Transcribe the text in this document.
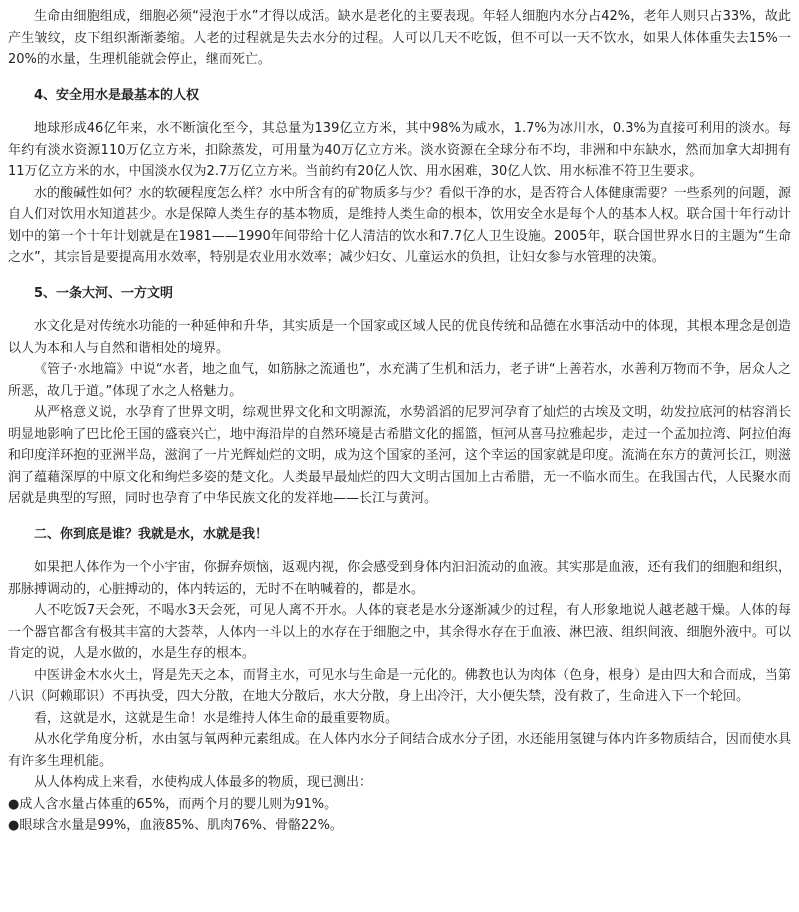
生命由细胞组成，细胞必须“浸泡于水”才得以成活。缺水是老化的主要表现。年轻人细胞内水分占42%，老年人则只占33%，故此产生皱纹，皮下组织渐渐萎缩。人老的过程就是失去水分的过程。人可以几天不吃饭，但不可以一天不饮水，如果人体体重失去15%一20%的水量，生理机能就会停止，继而死亡。

4、安全用水是最基本的人权

地球形成46亿年来，水不断演化至今，其总量为139亿立方米，其中98%为咸水，1.7%为冰川水，0.3%为直接可利用的淡水。每年约有淡水资源110万亿立方米，扣除蒸发，可用量为40万亿立方米。淡水资源在全球分布不均，非洲和中东缺水，然而加拿大却拥有11万亿立方米的水，中国淡水仅为2.7万亿立方米。当前约有20亿人饮、用水困难，30亿人饮、用水标准不符卫生要求。

水的酸碱性如何？水的软硬程度怎么样？水中所含有的矿物质多与少？看似干净的水，是否符合人体健康需要？一些系列的问题，源自人们对饮用水知道甚少。水是保障人类生存的基本物质，是维持人类生命的根本，饮用安全水是每个人的基本人权。联合国十年行动计划中的第一个十年计划就是在1981——1990年间带给十亿人清洁的饮水和7.7亿人卫生设施。2005年，联合国世界水日的主题为“生命之水”，其宗旨是要提高用水效率，特别是农业用水效率；减少妇女、儿童运水的负担，让妇女参与水管理的决策。

5、一条大河、一方文明

水文化是对传统水功能的一种延伸和升华，其实质是一个国家或区域人民的优良传统和品德在水事活动中的体现，其根本理念是创造以人为本和人与自然和谐相处的境界。

《管子·水地篇》中说“水者，地之血气，如筋脉之流通也”，水充满了生机和活力，老子讲“上善若水，水善利万物而不争，居众人之所恶，故几于道。”体现了水之人格魅力。

从严格意义说，水孕育了世界文明，综观世界文化和文明源流，水势滔滔的尼罗河孕育了灿烂的古埃及文明，幼发拉底河的枯容消长明显地影响了巴比伦王国的盛衰兴亡，地中海沿岸的自然环境是古希腊文化的摇篮，恒河从喜马拉雅起步，走过一个孟加拉湾、阿拉伯海和印度洋环抱的亚洲半岛，滋润了一片光辉灿烂的文明，成为这个国家的圣河，这个幸运的国家就是印度。流淌在东方的黄河长江，则滋润了蕴藉深厚的中原文化和绚烂多姿的楚文化。人类最早最灿烂的四大文明古国加上古希腊，无一不临水而生。在我国古代，人民聚水而居就是典型的写照，同时也孕育了中华民族文化的发祥地——长江与黄河。

二、你到底是谁？我就是水，水就是我！

如果把人体作为一个小宇宙，你摒弃烦恼，返观内视，你会感受到身体内汩汩流动的血液。其实那是血液，还有我们的细胞和组织，那脉搏调动的，心脏搏动的，体内转运的，无时不在呐喊着的，都是水。

人不吃饭7天会死，不喝水3天会死，可见人离不开水。人体的衰老是水分逐渐减少的过程，有人形象地说人越老越干燥。人体的每一个器官都含有极其丰富的大荟萃，人体内一斗以上的水存在于细胞之中，其余得水存在于血液、淋巴液、组织间液、细胞外液中。可以肯定的说，人是水做的，水是生存的根本。

中医讲金木水火土，肾是先天之本，而肾主水，可见水与生命是一元化的。佛教也认为肉体（色身，根身）是由四大和合而成，当第八识（阿赖耶识）不再执受，四大分散，在地大分散后，水大分散，身上出冷汗，大小便失禁，没有救了，生命进入下一个轮回。

看，这就是水，这就是生命！水是维持人体生命的最重要物质。

从水化学角度分析，水由氢与氧两种元素组成。在人体内水分子间结合成水分子团，水还能用氢键与体内许多物质结合，因而使水具有许多生理机能。

从人体构成上来看，水使构成人体最多的物质，现已测出：

●成人含水量占体重的65%，而两个月的婴儿则为91%。

●眼球含水量是99%，血液85%、肌肉76%、骨骼22%。
